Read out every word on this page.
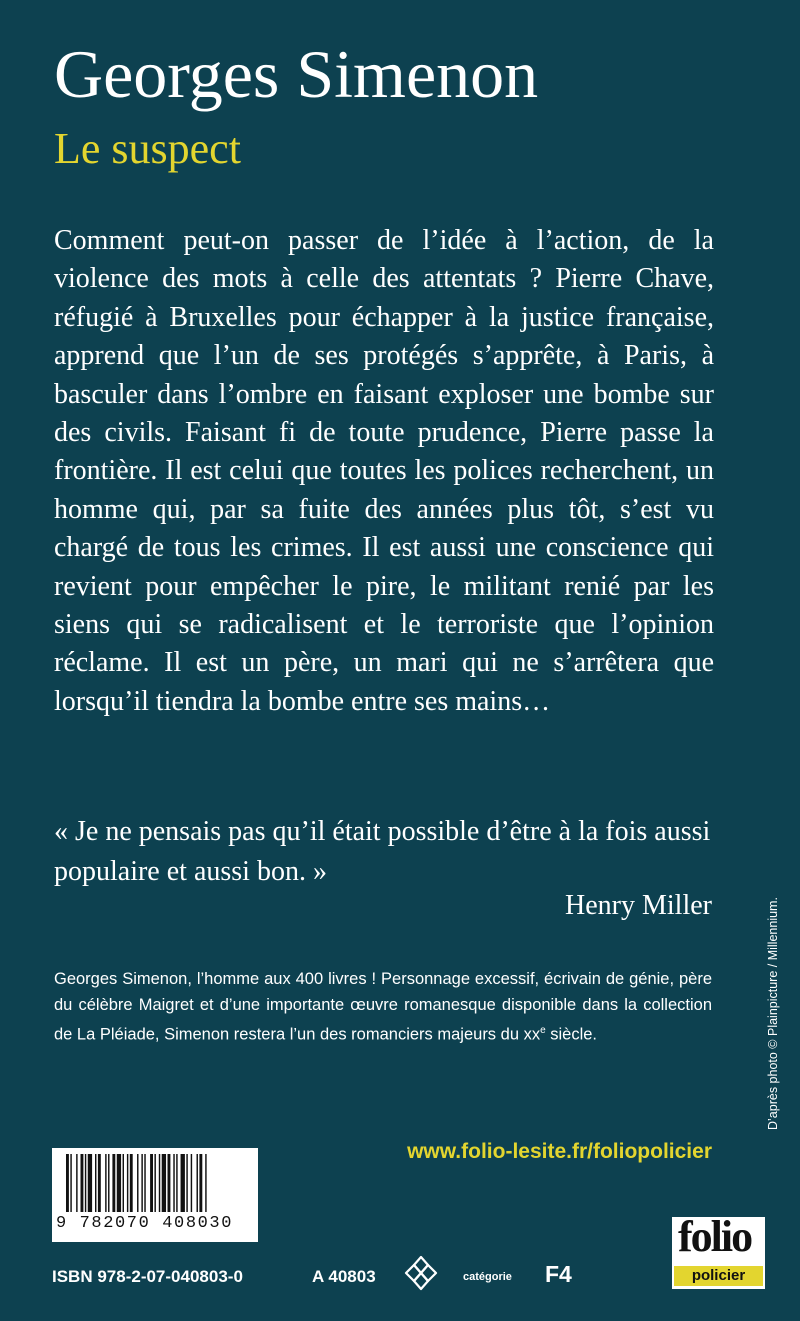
Georges Simenon
Le suspect
Comment peut-on passer de l’idée à l’action, de la violence des mots à celle des attentats ? Pierre Chave, réfugié à Bruxelles pour échapper à la justice française, apprend que l’un de ses protégés s’apprête, à Paris, à basculer dans l’ombre en faisant exploser une bombe sur des civils. Faisant fi de toute prudence, Pierre passe la frontière. Il est celui que toutes les polices recherchent, un homme qui, par sa fuite des années plus tôt, s’est vu chargé de tous les crimes. Il est aussi une conscience qui revient pour empêcher le pire, le militant renié par les siens qui se radicalisent et le terroriste que l’opinion réclame. Il est un père, un mari qui ne s’arrêtera que lorsqu’il tiendra la bombe entre ses mains…
« Je ne pensais pas qu’il était possible d’être à la fois aussi populaire et aussi bon. »
Henry Miller
Georges Simenon, l’homme aux 400 livres ! Personnage excessif, écrivain de génie, père du célèbre Maigret et d’une importante œuvre romanesque disponible dans la collection de La Pléiade, Simenon restera l’un des romanciers majeurs du $xx^e$ siècle.	D’après photo © Plainpicture / Millennium.
www.folio-lesite.fr/foliopolicier
9 782070 408030
ISBN 978-2-07-040803-0	A 40803	catégorie F4
folio
policier
